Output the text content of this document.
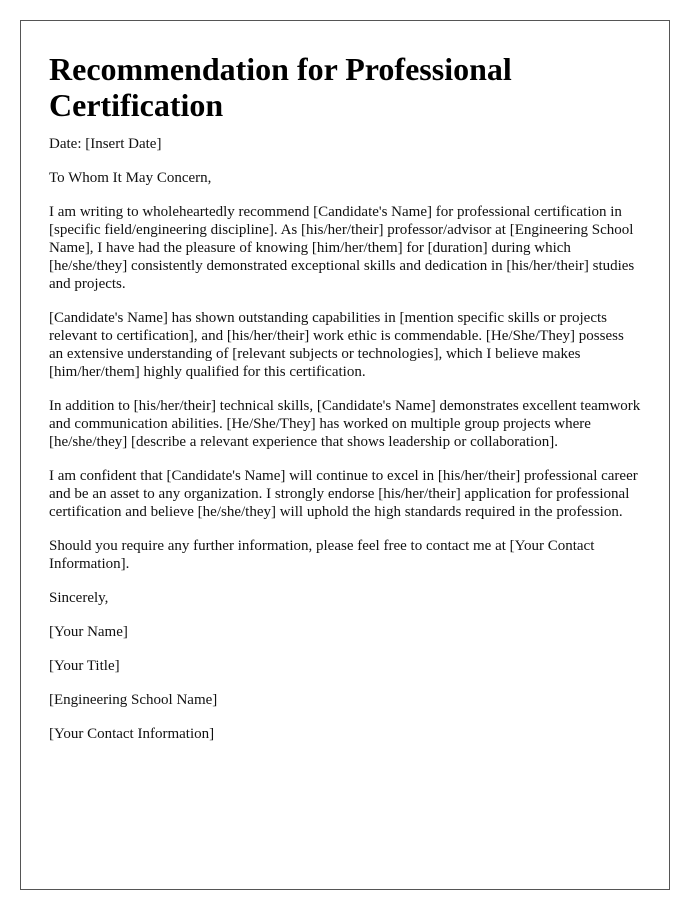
Recommendation for Professional Certification

Date: [Insert Date]

To Whom It May Concern,

I am writing to wholeheartedly recommend [Candidate's Name] for professional certification in [specific field/engineering discipline]. As [his/her/their] professor/advisor at [Engineering School Name], I have had the pleasure of knowing [him/her/them] for [duration] during which [he/she/they] consistently demonstrated exceptional skills and dedication in [his/her/their] studies and projects.

[Candidate's Name] has shown outstanding capabilities in [mention specific skills or projects relevant to certification], and [his/her/their] work ethic is commendable. [He/She/They] possess an extensive understanding of [relevant subjects or technologies], which I believe makes [him/her/them] highly qualified for this certification.

In addition to [his/her/their] technical skills, [Candidate's Name] demonstrates excellent teamwork and communication abilities. [He/She/They] has worked on multiple group projects where [he/she/they] [describe a relevant experience that shows leadership or collaboration].

I am confident that [Candidate's Name] will continue to excel in [his/her/their] professional career and be an asset to any organization. I strongly endorse [his/her/their] application for professional certification and believe [he/she/they] will uphold the high standards required in the profession.

Should you require any further information, please feel free to contact me at [Your Contact Information].

Sincerely,

[Your Name]

[Your Title]

[Engineering School Name]

[Your Contact Information]
